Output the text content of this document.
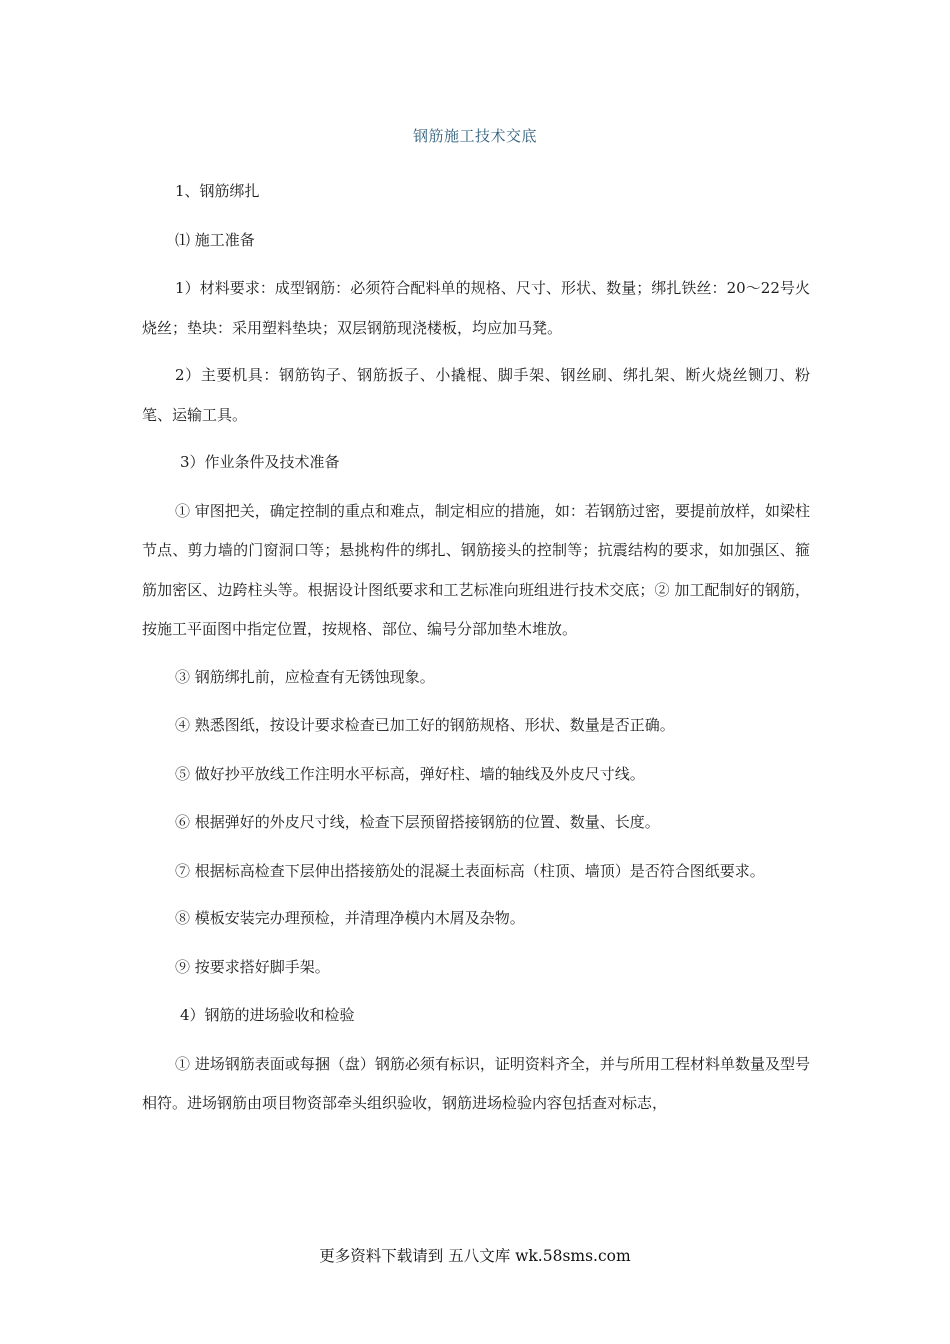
钢筋施工技术交底

1、钢筋绑扎

⑴ 施工准备

1）材料要求：成型钢筋：必须符合配料单的规格、尺寸、形状、数量；绑扎铁丝：20～22号火烧丝；垫块：采用塑料垫块；双层钢筋现浇楼板，均应加马凳。

2）主要机具：钢筋钩子、钢筋扳子、小撬棍、脚手架、钢丝刷、绑扎架、断火烧丝铡刀、粉笔、运输工具。

3）作业条件及技术准备

① 审图把关，确定控制的重点和难点，制定相应的措施，如：若钢筋过密，要提前放样，如梁柱节点、剪力墙的门窗洞口等；悬挑构件的绑扎、钢筋接头的控制等；抗震结构的要求，如加强区、箍筋加密区、边跨柱头等。根据设计图纸要求和工艺标准向班组进行技术交底；② 加工配制好的钢筋，按施工平面图中指定位置，按规格、部位、编号分部加垫木堆放。

③ 钢筋绑扎前，应检查有无锈蚀现象。

④ 熟悉图纸，按设计要求检查已加工好的钢筋规格、形状、数量是否正确。

⑤ 做好抄平放线工作注明水平标高，弹好柱、墙的轴线及外皮尺寸线。

⑥ 根据弹好的外皮尺寸线，检查下层预留搭接钢筋的位置、数量、长度。

⑦ 根据标高检查下层伸出搭接筋处的混凝土表面标高（柱顶、墙顶）是否符合图纸要求。

⑧ 模板安装完办理预检，并清理净模内木屑及杂物。

⑨ 按要求搭好脚手架。

4）钢筋的进场验收和检验

① 进场钢筋表面或每捆（盘）钢筋必须有标识，证明资料齐全，并与所用工程材料单数量及型号相符。进场钢筋由项目物资部牵头组织验收，钢筋进场检验内容包括查对标志，

更多资料下载请到 五八文库 wk.58sms.com
